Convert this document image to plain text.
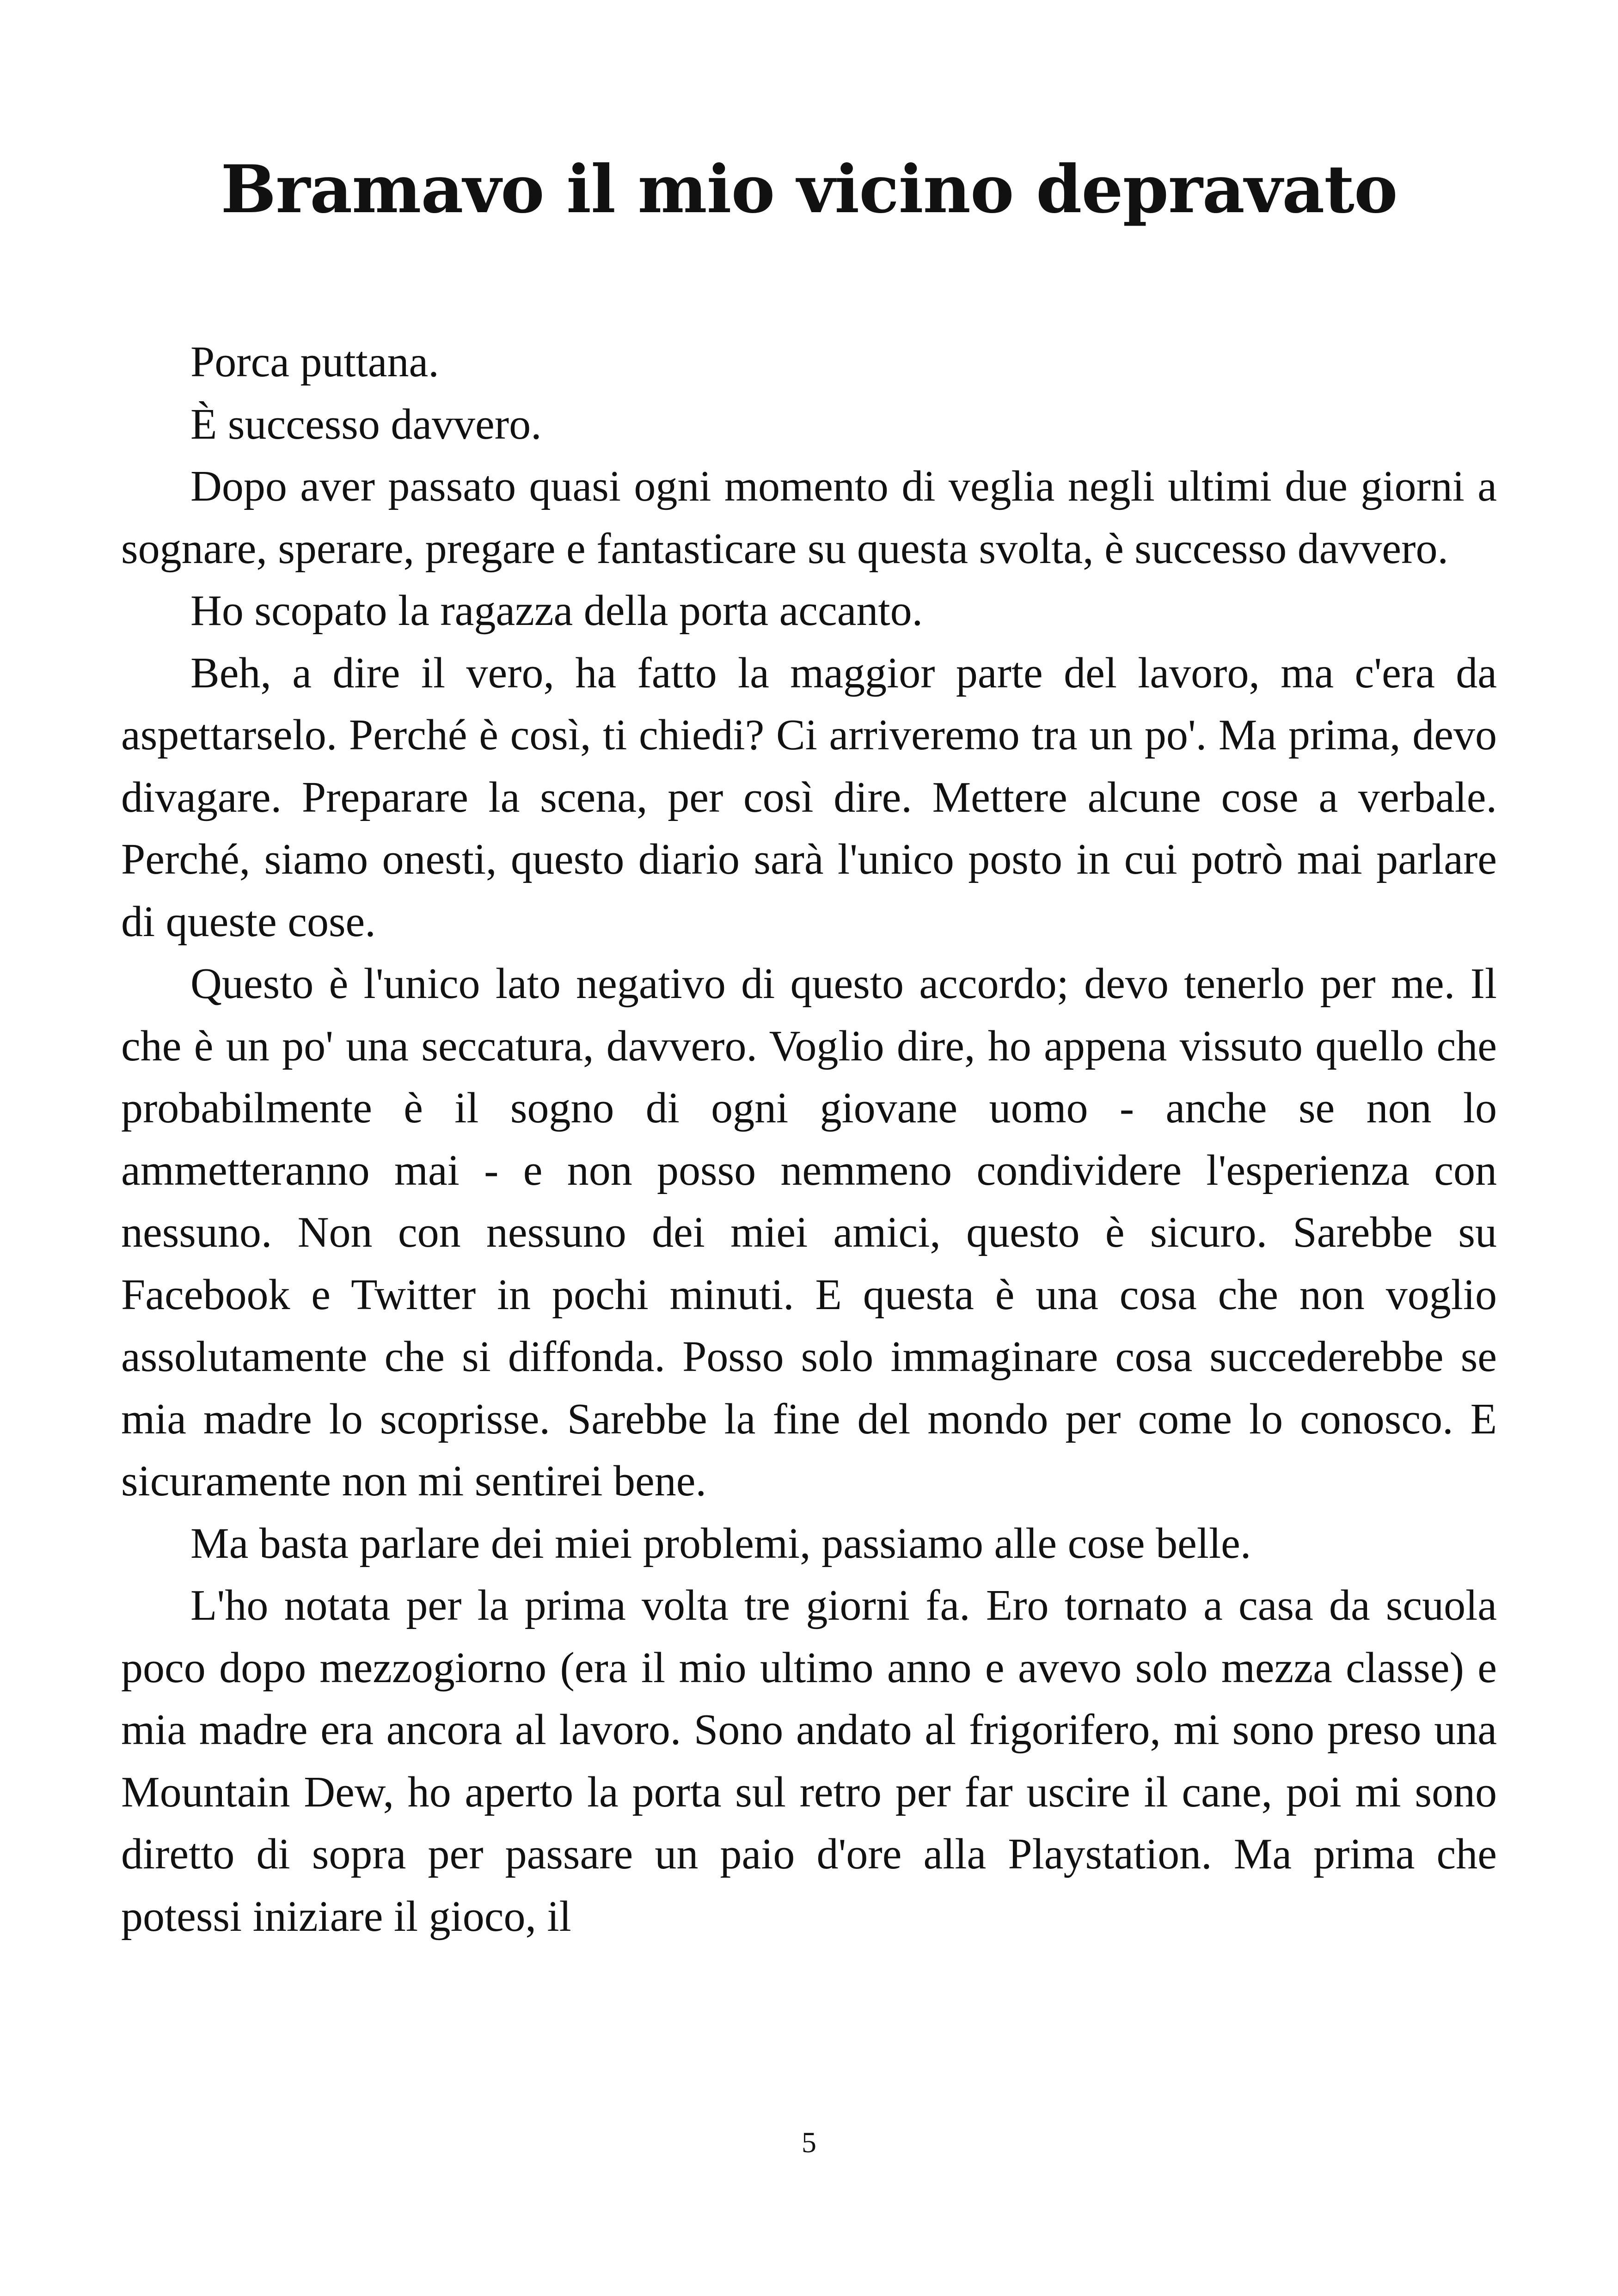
Bramavo il mio vicino depravato

Porca puttana.

È successo davvero.

Dopo aver passato quasi ogni momento di veglia negli ultimi due giorni a sognare, sperare, pregare e fantasticare su questa svolta, è successo davvero.

Ho scopato la ragazza della porta accanto.

Beh, a dire il vero, ha fatto la maggior parte del lavoro, ma c'era da aspettarselo. Perché è così, ti chiedi? Ci arriveremo tra un po'. Ma prima, devo divagare. Preparare la scena, per così dire. Mettere alcune cose a verbale. Perché, siamo onesti, questo diario sarà l'unico posto in cui potrò mai parlare di queste cose.

Questo è l'unico lato negativo di questo accordo; devo tenerlo per me. Il che è un po' una seccatura, davvero. Voglio dire, ho appena vissuto quello che probabilmente è il sogno di ogni giovane uomo - anche se non lo ammetteranno mai - e non posso nemmeno condividere l'esperienza con nessuno. Non con nessuno dei miei amici, questo è sicuro. Sarebbe su Facebook e Twitter in pochi minuti. E questa è una cosa che non voglio assolutamente che si diffonda. Posso solo immaginare cosa succederebbe se mia madre lo scoprisse. Sarebbe la fine del mondo per come lo conosco. E sicuramente non mi sentirei bene.

Ma basta parlare dei miei problemi, passiamo alle cose belle.

L'ho notata per la prima volta tre giorni fa. Ero tornato a casa da scuola poco dopo mezzogiorno (era il mio ultimo anno e avevo solo mezza classe) e mia madre era ancora al lavoro. Sono andato al frigorifero, mi sono preso una Mountain Dew, ho aperto la porta sul retro per far uscire il cane, poi mi sono diretto di sopra per passare un paio d'ore alla Playstation. Ma prima che potessi iniziare il gioco, il

5
